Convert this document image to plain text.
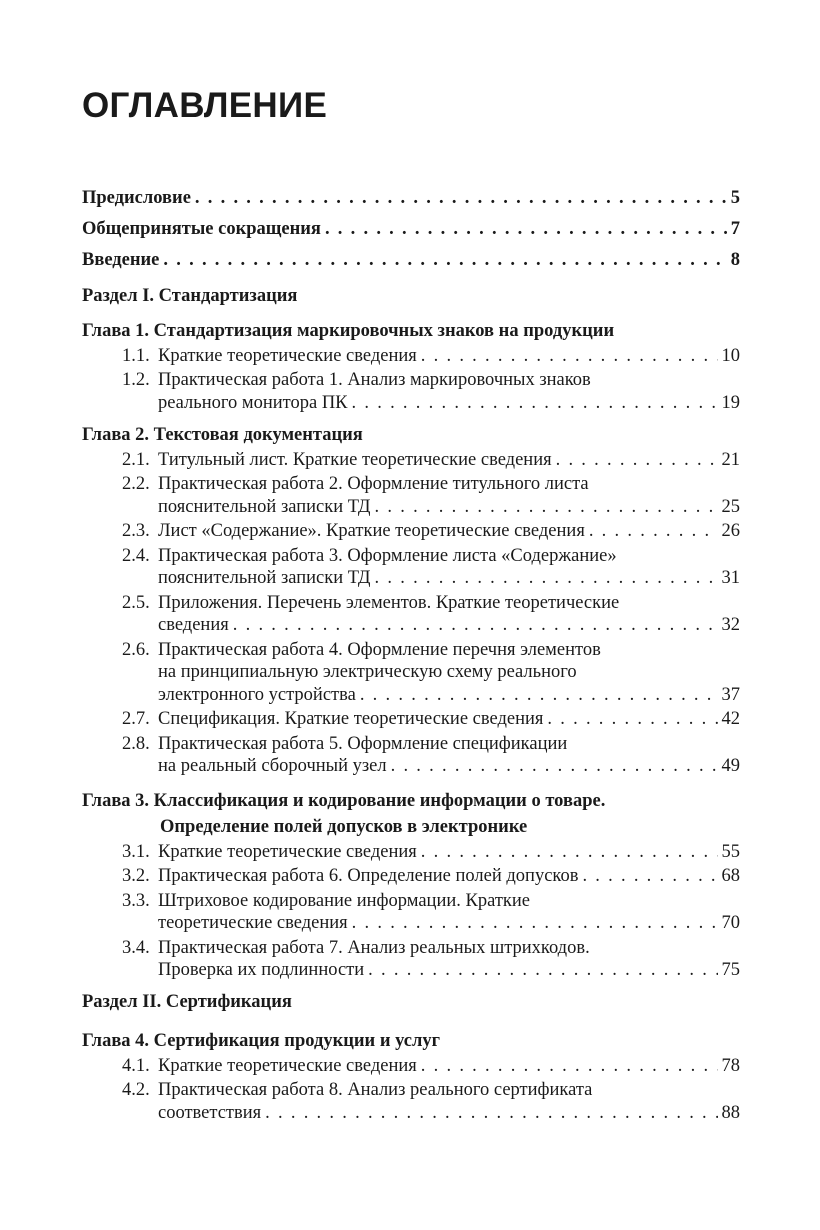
ОГЛАВЛЕНИЕ
Предисловие . . .	5
Общепринятые сокращения . . .	7
Введение . . .	8
Раздел I. Стандартизация
Раздел II. Сертификация
Глава 1. Стандартизация маркировочных знаков на продукции
1.1. Краткие теоретические сведения . . .	10
1.2. Практическая работа 1. Анализ маркировочных знаков
реального монитора ПК . . .	19
Глава 2. Текстовая документация
2.1. Титульный лист. Краткие теоретические сведения . . .	21
2.2. Практическая работа 2. Оформление титульного листа
пояснительной записки ТД . . .	25
2.3. Лист «Содержание». Краткие теоретические сведения . . .	26
2.4. Практическая работа 3. Оформление листа «Содержание»
пояснительной записки ТД . . .	31
2.5. Приложения. Перечень элементов. Краткие теоретические
сведения . . .	32
2.6. Практическая работа 4. Оформление перечня элементов
на принципиальную электрическую схему реального
электронного устройства . . .	37
2.7. Спецификация. Краткие теоретические сведения . . .	42
2.8. Практическая работа 5. Оформление спецификации
на реальный сборочный узел . . .	49
Глава 3. Классификация и кодирование информации о товаре.
Определение полей допусков в электронике
3.1. Краткие теоретические сведения . . .	55
3.2. Практическая работа 6. Определение полей допусков . . .	68
3.3. Штриховое кодирование информации. Краткие
теоретические сведения . . .	70
3.4. Практическая работа 7. Анализ реальных штрихкодов.
Проверка их подлинности . . .	75
Глава 4. Сертификация продукции и услуг
4.1. Краткие теоретические сведения . . .	78
4.2. Практическая работа 8. Анализ реального сертификата
соответствия . . .	88
